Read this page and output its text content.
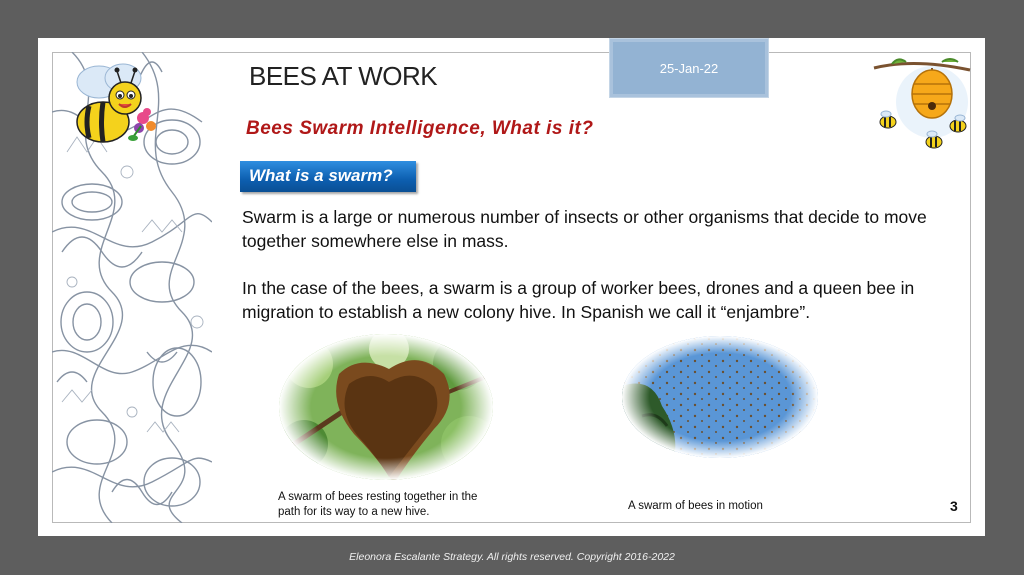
25-Jan-22
BEES AT WORK
Bees Swarm Intelligence, What is it?
What is a swarm?
Swarm is a large or numerous number of insects or other organisms that decide to move together somewhere else in mass.
In the case of the bees, a swarm is a group of worker bees, drones and a queen bee in migration to establish a new colony hive. In Spanish we call it “enjambre”.
A swarm of bees resting together in the path for its way to a new hive.	A swarm of bees in motion	3
Eleonora Escalante Strategy. All rights reserved. Copyright 2016-2022
